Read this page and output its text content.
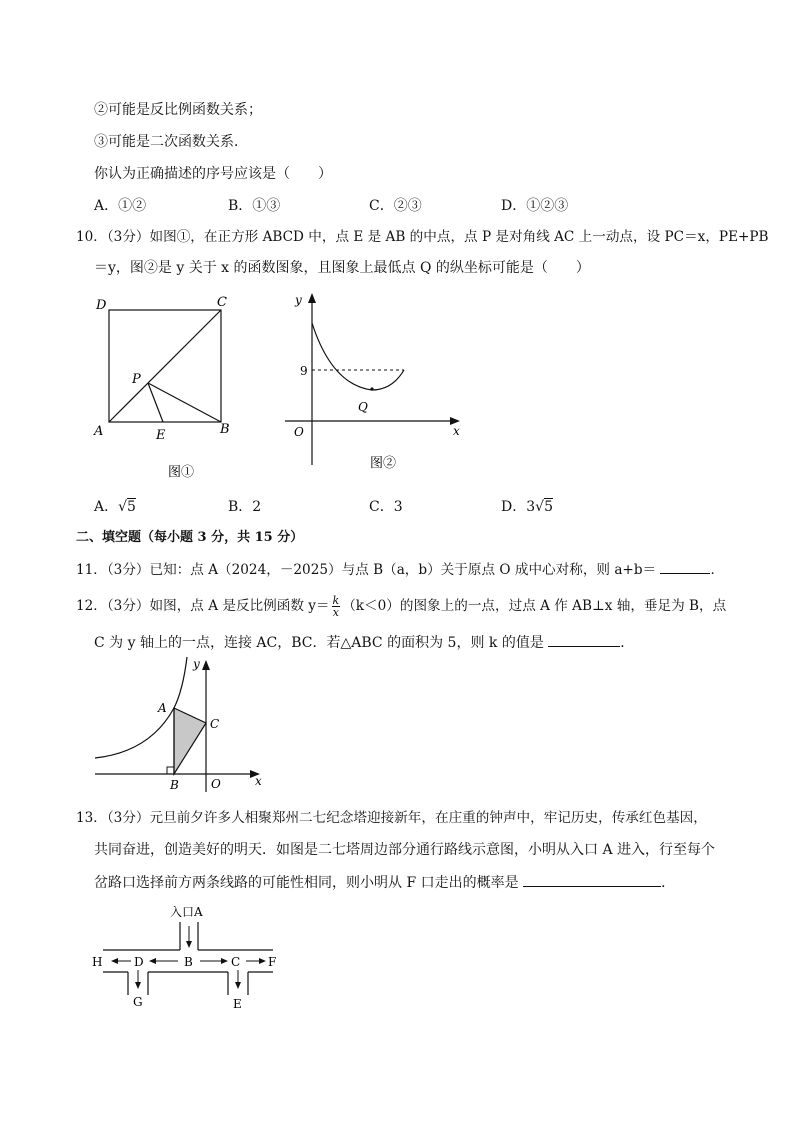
②可能是反比例函数关系；
③可能是二次函数关系．
你认为正确描述的序号应该是（　　）
A．①②	B．①③	C．②③	D．①②③
10．（3分）如图①，在正方形 ABCD 中，点 E 是 AB 的中点，点 P 是对角线 AC 上一动点，设 PC＝x，PE+PB
＝y，图②是 y 关于 x 的函数图象，且图象上最低点 Q 的纵坐标可能是（　　）
D	C
P
A	E	B
图①
y
9
Q
O	x
图②
A．√5	B．2	C．3	D．3√5
二、填空题（每小题 3 分，共 15 分）
11．（3分）已知：点 A（2024，－2025）与点 B（a，b）关于原点 O 成中心对称，则 a+b＝	．
12．（3分）如图，点 A 是反比例函数 $y= \frac{k}{x} (k<0)$的图象上的一点，过点 A 作 AB⊥x 轴，垂足为 B，点
C 为 y 轴上的一点，连接 AC，BC．若△ABC 的面积为 5，则 k 的值是	．
y
A
C
B	O	x
13．（3分）元旦前夕许多人相聚郑州二七纪念塔迎接新年，在庄重的钟声中，牢记历史，传承红色基因，
共同奋进，创造美好的明天．如图是二七塔周边部分通行路线示意图，小明从入口 A 进入，行至每个
岔路口选择前方两条线路的可能性相同，则小明从 F 口走出的概率是	．
入口A
H	D	B	C F
G	E
